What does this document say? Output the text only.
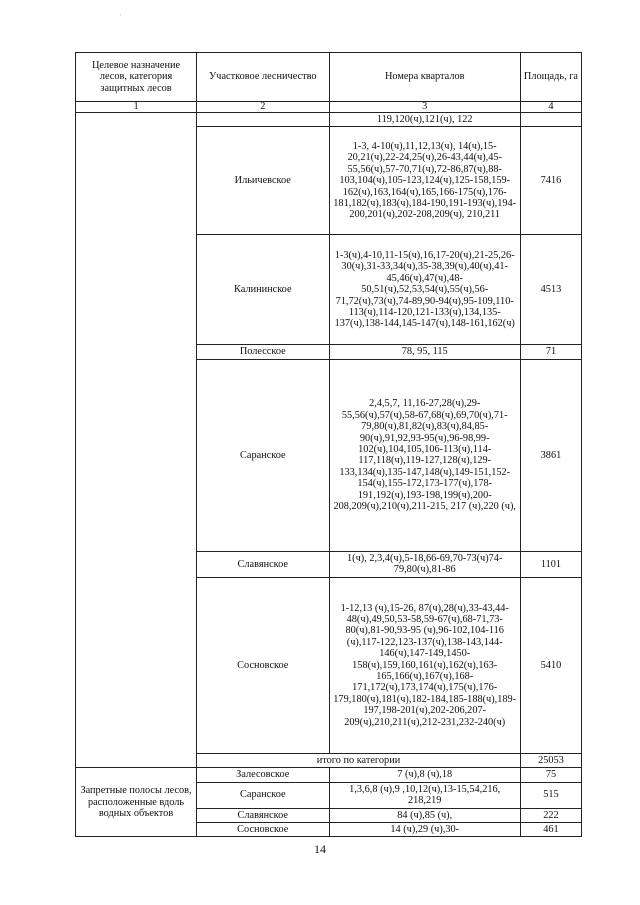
'
Целевое назначение лесов, категория защитных лесов	Участковое лесничество	Номера кварталов	Площадь, га
1	2	3	4
		119,120(ч),121(ч), 122	
	Ильичевское	1-3, 4-10(ч),11,12,13(ч), 14(ч),15-20,21(ч),22-24,25(ч),26-43,44(ч),45-55,56(ч),57-70,71(ч),72-86,87(ч),88-103,104(ч),105-123,124(ч),125-158,159-162(ч),163,164(ч),165,166-175(ч),176-181,182(ч),183(ч),184-190,191-193(ч),194-200,201(ч),202-208,209(ч), 210,211	7416
	Калининское	1-3(ч),4-10,11-15(ч),16,17-20(ч),21-25,26-30(ч),31-33,34(ч),35-38,39(ч),40(ч),41-45,46(ч),47(ч),48-50,51(ч),52,53,54(ч),55(ч),56-71,72(ч),73(ч),74-89,90-94(ч),95-109,110-113(ч),114-120,121-133(ч),134,135-137(ч),138-144,145-147(ч),148-161,162(ч)	4513
	Полесское	78, 95, 115	71
	Саранское	2,4,5,7, 11,16-27,28(ч),29-55,56(ч),57(ч),58-67,68(ч),69,70(ч),71-79,80(ч),81,82(ч),83(ч),84,85-90(ч),91,92,93-95(ч),96-98,99-102(ч),104,105,106-113(ч),114-117,118(ч),119-127,128(ч),129-133,134(ч),135-147,148(ч),149-151,152-154(ч),155-172,173-177(ч),178-191,192(ч),193-198,199(ч),200-208,209(ч),210(ч),211-215, 217 (ч),220 (ч),	3861
	Славянское	1(ч), 2,3,4(ч),5-18,66-69,70-73(ч)74-79,80(ч),81-86	1101
	Сосновское	1-12,13 (ч),15-26, 87(ч),28(ч),33-43,44-48(ч),49,50,53-58,59-67(ч),68-71,73-80(ч),81-90,93-95 (ч),96-102,104-116 (ч),117-122,123-137(ч),138-143,144-146(ч),147-149,1450-158(ч),159,160,161(ч),162(ч),163-165,166(ч),167(ч),168-171,172(ч),173,174(ч),175(ч),176-179,180(ч),181(ч),182-184,185-188(ч),189-197,198-201(ч),202-206,207-209(ч),210,211(ч),212-231,232-240(ч)	5410
	итого по категории		25053
Запретные полосы лесов, расположенные вдоль водных объектов	Залесовское	7 (ч),8 (ч),18	75
	Саранское	1,3,6,8 (ч),9 ,10,12(ч),13-15,54,216, 218,219	515
	Славянское	84 (ч),85 (ч),	222
	Сосновское	14 (ч),29 (ч),30-	461
14
